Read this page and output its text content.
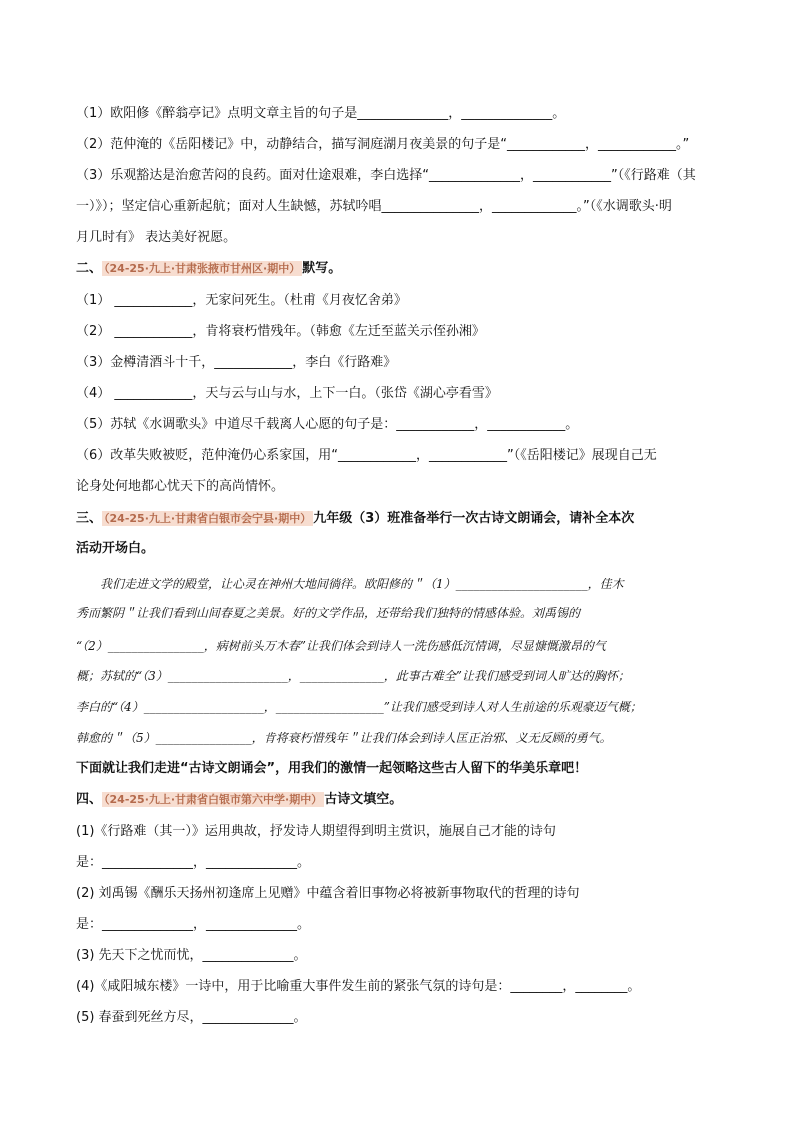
（1）欧阳修《醉翁亭记》点明文章主旨的句子是______________，______________。
（2）范仲淹的《岳阳楼记》中，动静结合，描写洞庭湖月夜美景的句子是“____________，____________。”
（3）乐观豁达是治愈苦闷的良药。面对仕途艰难，李白选择“______________，____________”（《行路难（其
一）》）；坚定信心重新起航；面对人生缺憾，苏轼吟唱_______________，_____________。”（《水调歌头·明
月几时有》 表达美好祝愿。
二、 （24-25·九上·甘肃张掖市甘州区·期中） 默写。
（1） ____________，无家问死生。（杜甫《月夜忆舍弟》
（2） ____________，肯将衰朽惜残年。（韩愈《左迁至蓝关示侄孙湘》
（3）金樽清酒斗十千，____________，李白《行路难》
（4） ____________，天与云与山与水，上下一白。（张岱《湖心亭看雪》
（5）苏轼《水调歌头》中道尽千载离人心愿的句子是：____________，____________。
（6）改革失败被贬，范仲淹仍心系家国，用“____________，____________”（《岳阳楼记》展现自己无
论身处何地都心忧天下的高尚情怀。
三、 （24-25·九上·甘肃省白银市会宁县·期中） 九年级（3）班准备举行一次古诗文朗诵会，请补全本次
活动开场白。
我们走进文学的殿堂，让心灵在神州大地间徜徉。欧阳修的＂（1）______________________，佳木
秀而繁阴＂让我们看到山间春夏之美景。好的文学作品，还带给我们独特的情感体验。刘禹锡的
“（2）________________，病树前头万木春”让我们体会到诗人一洗伤感低沉情调，尽显慷慨激昂的气
概；苏轼的“（3）____________________，______________，此事古难全”让我们感受到词人旷达的胸怀；
李白的“（4）____________________，__________________”让我们感受到诗人对人生前途的乐观豪迈气概；
韩愈的＂（5）________________，肯将衰朽惜残年＂让我们体会到诗人匡正治邪、义无反顾的勇气。
下面就让我们走进“古诗文朗诵会”，用我们的激情一起领略这些古人留下的华美乐章吧！
四、 （24-25·九上·甘肃省白银市第六中学·期中） 古诗文填空。
(1)《行路难（其一）》运用典故，抒发诗人期望得到明主赏识，施展自己才能的诗句
是：______________，______________。
(2) 刘禹锡《酬乐天扬州初逢席上见赠》中蕴含着旧事物必将被新事物取代的哲理的诗句
是：______________，______________。
(3) 先天下之忧而忧，______________。
(4)《咸阳城东楼》一诗中，用于比喻重大事件发生前的紧张气氛的诗句是：________，________。
(5) 春蚕到死丝方尽，______________。
